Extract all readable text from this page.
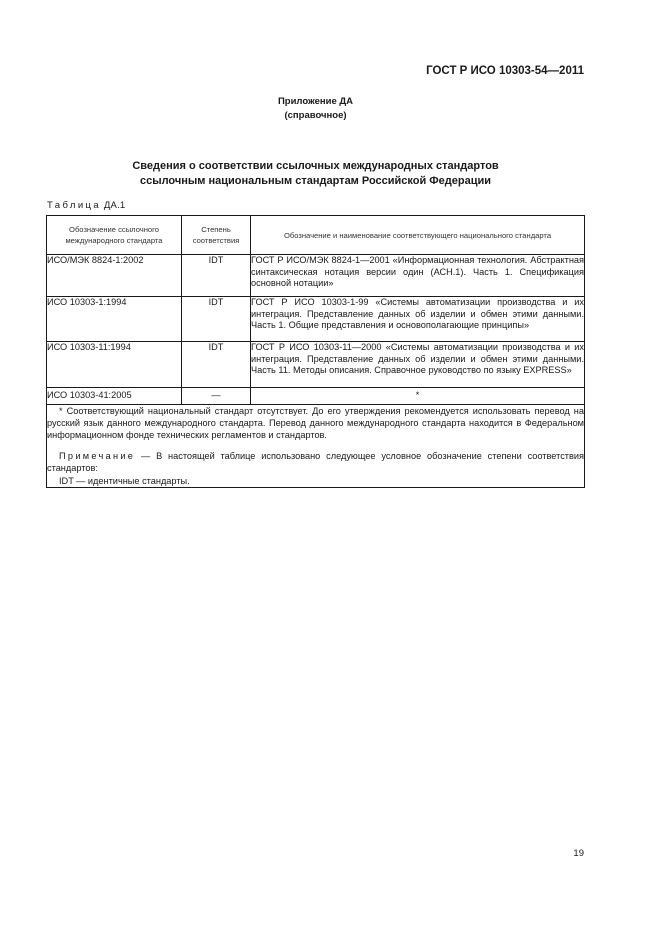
ГОСТ Р ИСО 10303-54—2011
Приложение ДА
(справочное)
Сведения о соответствии ссылочных международных стандартов
ссылочным национальным стандартам Российской Федерации
Таблица ДА.1
Обозначение ссылочного международного стандарта	Степень соответствия	Обозначение и наименование соответствующего национального стандарта
ИСО/МЭК 8824-1:2002	IDT	ГОСТ Р ИСО/МЭК 8824-1—2001 «Информационная технология. Абстрактная синтаксическая нотация версии один (АСН.1). Часть 1. Спецификация основной нотации»
ИСО 10303-1:1994	IDT	ГОСТ Р ИСО 10303-1-99 «Системы автоматизации производства и их интеграция. Представление данных об изделии и обмен этими данными. Часть 1. Общие представления и основополагающие принципы»
ИСО 10303-11:1994	IDT	ГОСТ Р ИСО 10303-11—2000 «Системы автоматизации производства и их интеграция. Представление данных об изделии и обмен этими данными. Часть 11. Методы описания. Справочное руководство по языку EXPRESS»
ИСО 10303-41:2005	—	*

* Соответствующий национальный стандарт отсутствует. До его утверждения рекомендуется использовать перевод на русский язык данного международного стандарта. Перевод данного международного стандарта находится в Федеральном информационном фонде технических регламентов и стандартов.
Примечание — В настоящей таблице использовано следующее условное обозначение степени соответствия стандартов:
IDT — идентичные стандарты.		
19
